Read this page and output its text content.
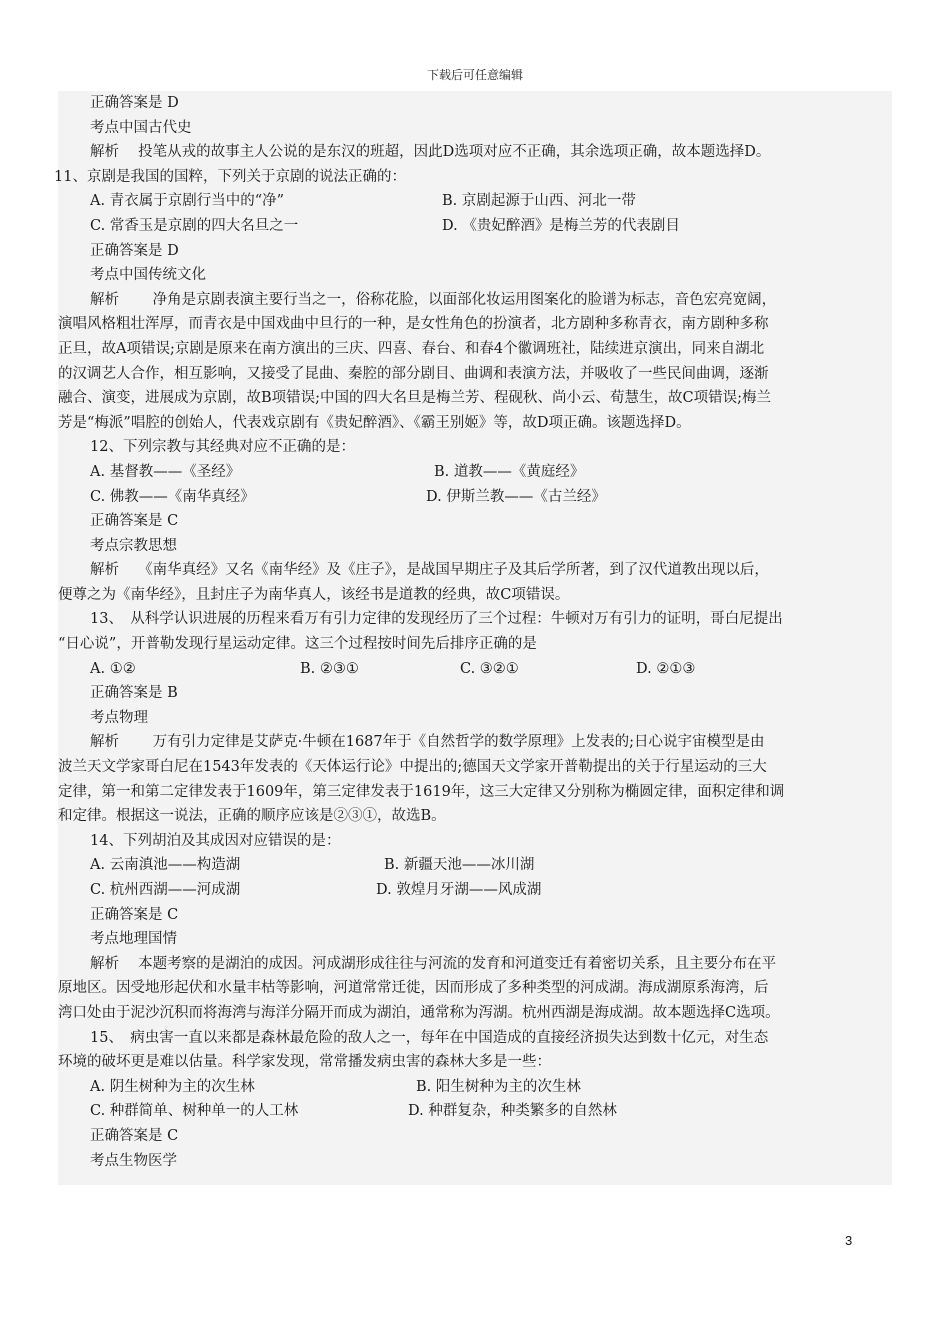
下载后可任意编辑
正确答案是 D
考点中国古代史
解析　 投笔从戎的故事主人公说的是东汉的班超，因此D选项对应不正确，其余选项正确，故本题选择D。
11、京剧是我国的国粹，下列关于京剧的说法正确的：
A. 青衣属于京剧行当中的“净”	B. 京剧起源于山西、河北一带
C. 常香玉是京剧的四大名旦之一	D. 《贵妃醉酒》是梅兰芳的代表剧目
正确答案是 D
考点中国传统文化
解析　　 净角是京剧表演主要行当之一，俗称花脸，以面部化妆运用图案化的脸谱为标志，音色宏亮宽阔，
演唱风格粗壮浑厚，而青衣是中国戏曲中旦行的一种，是女性角色的扮演者，北方剧种多称青衣，南方剧种多称
正旦，故A项错误;京剧是原来在南方演出的三庆、四喜、春台、和春4个徽调班社，陆续进京演出，同来自湖北
的汉调艺人合作，相互影响，又接受了昆曲、秦腔的部分剧目、曲调和表演方法，并吸收了一些民间曲调，逐渐
融合、演变，进展成为京剧，故B项错误;中国的四大名旦是梅兰芳、程砚秋、尚小云、荀慧生，故C项错误;梅兰
芳是“梅派”唱腔的创始人，代表戏京剧有《贵妃醉酒》、《霸王别姬》等，故D项正确。该题选择D。
12、下列宗教与其经典对应不正确的是：
A. 基督教——《圣经》	B. 道教——《黄庭经》
C. 佛教——《南华真经》	D. 伊斯兰教——《古兰经》
正确答案是 C
考点宗教思想
解析　 《南华真经》又名《南华经》及《庄子》，是战国早期庄子及其后学所著，到了汉代道教出现以后，
便尊之为《南华经》，且封庄子为南华真人，该经书是道教的经典，故C项错误。
13、　从科学认识进展的历程来看万有引力定律的发现经历了三个过程：牛顿对万有引力的证明，哥白尼提出
“日心说”，开普勒发现行星运动定律。这三个过程按时间先后排序正确的是
A. ①②	B. ②③①	C. ③②①	D. ②①③
正确答案是 B
考点物理
解析　　 万有引力定律是艾萨克·牛顿在1687年于《自然哲学的数学原理》上发表的;日心说宇宙模型是由
波兰天文学家哥白尼在1543年发表的《天体运行论》中提出的;德国天文学家开普勒提出的关于行星运动的三大
定律，第一和第二定律发表于1609年，第三定律发表于1619年，这三大定律又分别称为椭圆定律，面积定律和调
和定律。根据这一说法，正确的顺序应该是②③①，故选B。
14、下列胡泊及其成因对应错误的是：
A. 云南滇池——构造湖	B. 新疆天池——冰川湖
C. 杭州西湖——河成湖	D. 敦煌月牙湖——风成湖
正确答案是 C
考点地理国情
解析　 本题考察的是湖泊的成因。河成湖形成往往与河流的发育和河道变迁有着密切关系，且主要分布在平
原地区。因受地形起伏和水量丰枯等影响，河道常常迁徙，因而形成了多种类型的河成湖。海成湖原系海湾，后
湾口处由于泥沙沉积而将海湾与海洋分隔开而成为湖泊，通常称为泻湖。杭州西湖是海成湖。故本题选择C选项。
15、　病虫害一直以来都是森林最危险的敌人之一，每年在中国造成的直接经济损失达到数十亿元，对生态
环境的破坏更是难以估量。科学家发现，常常播发病虫害的森林大多是一些：
A. 阴生树种为主的次生林	B. 阳生树种为主的次生林
C. 种群简单、树种单一的人工林	D. 种群复杂，种类繁多的自然林
正确答案是 C
考点生物医学
3
